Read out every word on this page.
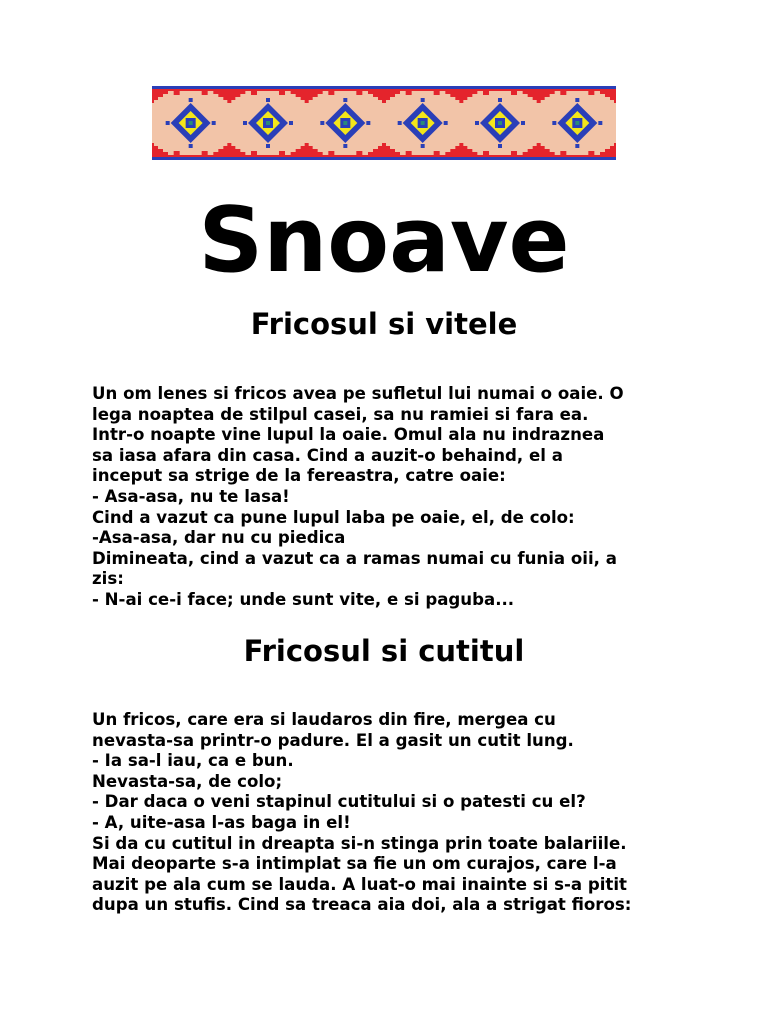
Snoave
Fricosul si vitele
Un om lenes si fricos avea pe sufletul lui numai o oaie. O
lega noaptea de stilpul casei, sa nu ramiei si fara ea.
Intr-o noapte vine lupul la oaie. Omul ala nu indraznea
sa iasa afara din casa. Cind a auzit-o behaind, el a
inceput sa strige de la fereastra, catre oaie:
- Asa-asa, nu te lasa!
Cind a vazut ca pune lupul laba pe oaie, el, de colo:
-Asa-asa, dar nu cu piedica
Dimineata, cind a vazut ca a ramas numai cu funia oii, a
zis:
- N-ai ce-i face; unde sunt vite, e si paguba...
Fricosul si cutitul
Un fricos, care era si laudaros din fire, mergea cu
nevasta-sa printr-o padure. El a gasit un cutit lung.
- Ia sa-l iau, ca e bun.
Nevasta-sa, de colo;
- Dar daca o veni stapinul cutitului si o patesti cu el?
- A, uite-asa l-as baga in el!
Si da cu cutitul in dreapta si-n stinga prin toate balariile.
Mai deoparte s-a intimplat sa fie un om curajos, care l-a
auzit pe ala cum se lauda. A luat-o mai inainte si s-a pitit
dupa un stufis. Cind sa treaca aia doi, ala a strigat fioros:
